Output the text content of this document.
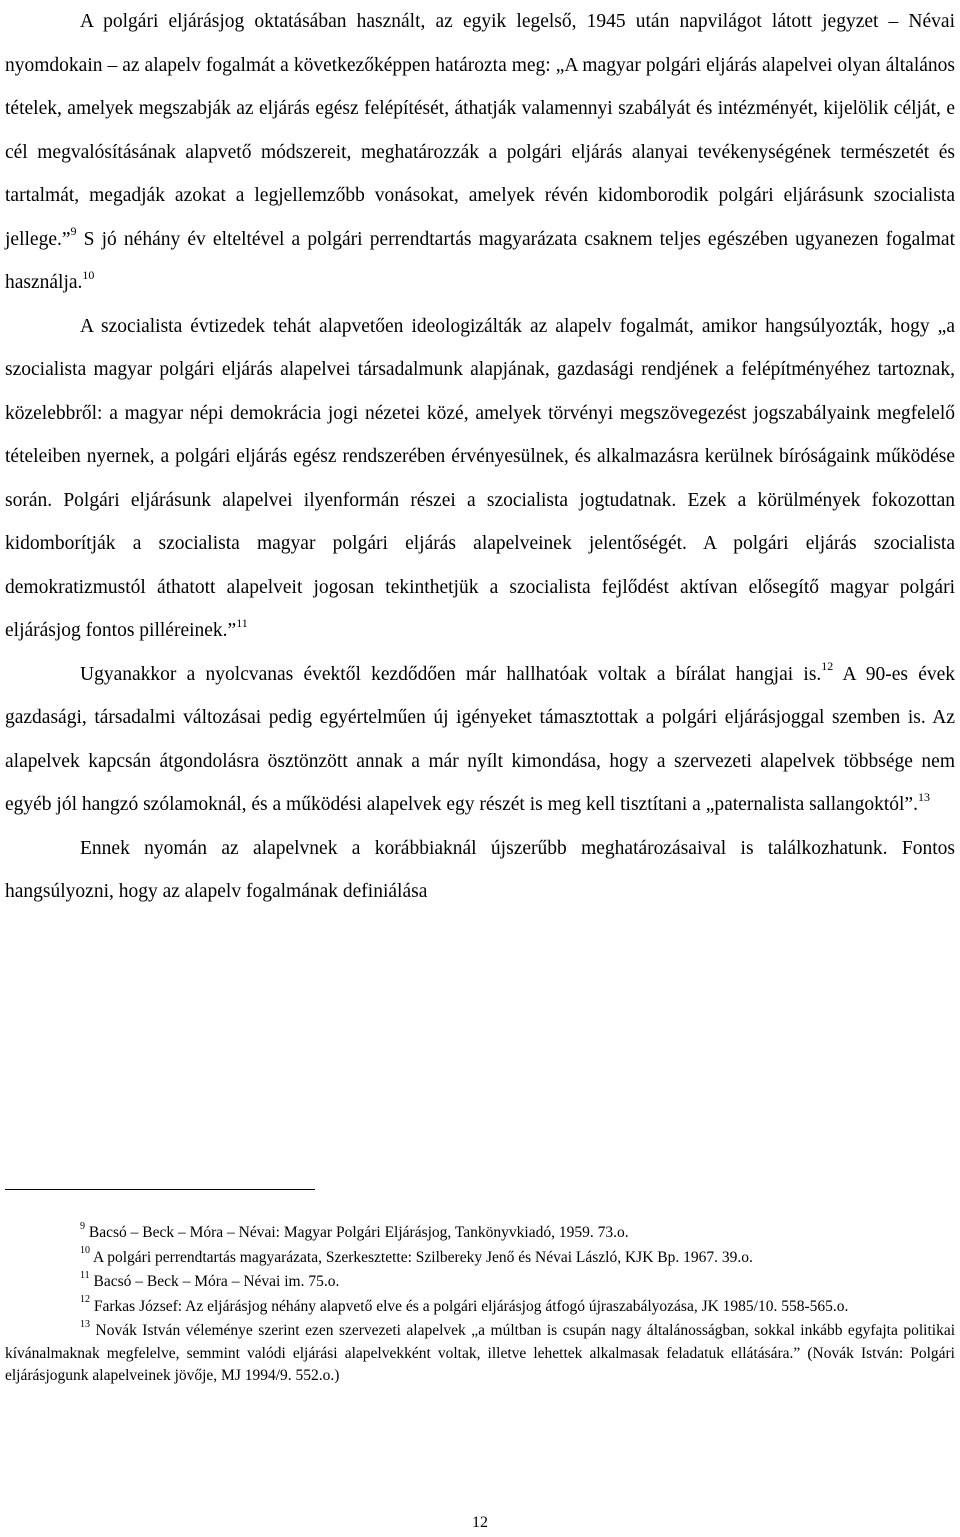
A polgári eljárásjog oktatásában használt, az egyik legelső, 1945 után napvilágot látott jegyzet – Névai nyomdokain – az alapelv fogalmát a következőképpen határozta meg: „A magyar polgári eljárás alapelvei olyan általános tételek, amelyek megszabják az eljárás egész felépítését, áthatják valamennyi szabályát és intézményét, kijelölik célját, e cél megvalósításának alapvető módszereit, meghatározzák a polgári eljárás alanyai tevékenységének természetét és tartalmát, megadják azokat a legjellemzőbb vonásokat, amelyek révén kidomborodik polgári eljárásunk szocialista jellege.”$^9$ S jó néhány év elteltével a polgári perrendtartás magyarázata csaknem teljes egészében ugyanezen fogalmat használja.$^{10}$

A szocialista évtizedek tehát alapvetően ideologizálták az alapelv fogalmát, amikor hangsúlyozták, hogy „a szocialista magyar polgári eljárás alapelvei társadalmunk alapjának, gazdasági rendjének a felépítményéhez tartoznak, közelebbről: a magyar népi demokrácia jogi nézetei közé, amelyek törvényi megszövegezést jogszabályaink megfelelő tételeiben nyernek, a polgári eljárás egész rendszerében érvényesülnek, és alkalmazásra kerülnek bíróságaink működése során. Polgári eljárásunk alapelvei ilyenformán részei a szocialista jogtudatnak. Ezek a körülmények fokozottan kidomborítják a szocialista magyar polgári eljárás alapelveinek jelentőségét. A polgári eljárás szocialista demokratizmustól áthatott alapelveit jogosan tekinthetjük a szocialista fejlődést aktívan elősegítő magyar polgári eljárásjog fontos pilléreinek.”$^{11}$

Ugyanakkor a nyolcvanas évektől kezdődően már hallhatóak voltak a bírálat hangjai is.$^{12}$ A 90-es évek gazdasági, társadalmi változásai pedig egyértelműen új igényeket támasztottak a polgári eljárásjoggal szemben is. Az alapelvek kapcsán átgondolásra ösztönzött annak a már nyílt kimondása, hogy a szervezeti alapelvek többsége nem egyéb jól hangzó szólamoknál, és a működési alapelvek egy részét is meg kell tisztítani a „paternalista sallangoktól”.$^{13}$

Ennek nyomán az alapelvnek a korábbiaknál újszerűbb meghatározásaival is találkozhatunk. Fontos hangsúlyozni, hogy az alapelv fogalmának definiálása

$^9$ Bacsó – Beck – Móra – Névai: Magyar Polgári Eljárásjog, Tankönyvkiadó, 1959. 73.o.

$^{10}$ A polgári perrendtartás magyarázata, Szerkesztette: Szilbereky Jenő és Névai László, KJK Bp. 1967. 39.o.

$^{11}$ Bacsó – Beck – Móra – Névai im. 75.o.

$^{12}$ Farkas József: Az eljárásjog néhány alapvető elve és a polgári eljárásjog átfogó újraszabályozása, JK 1985/10. 558-565.o.

$^{13}$ Novák István véleménye szerint ezen szervezeti alapelvek „a múltban is csupán nagy általánosságban, sokkal inkább egyfajta politikai kívánalmaknak megfelelve, semmint valódi eljárási alapelvekként voltak, illetve lehettek alkalmasak feladatuk ellátására.” (Novák István: Polgári eljárásjogunk alapelveinek jövője, MJ 1994/9. 552.o.)

12
